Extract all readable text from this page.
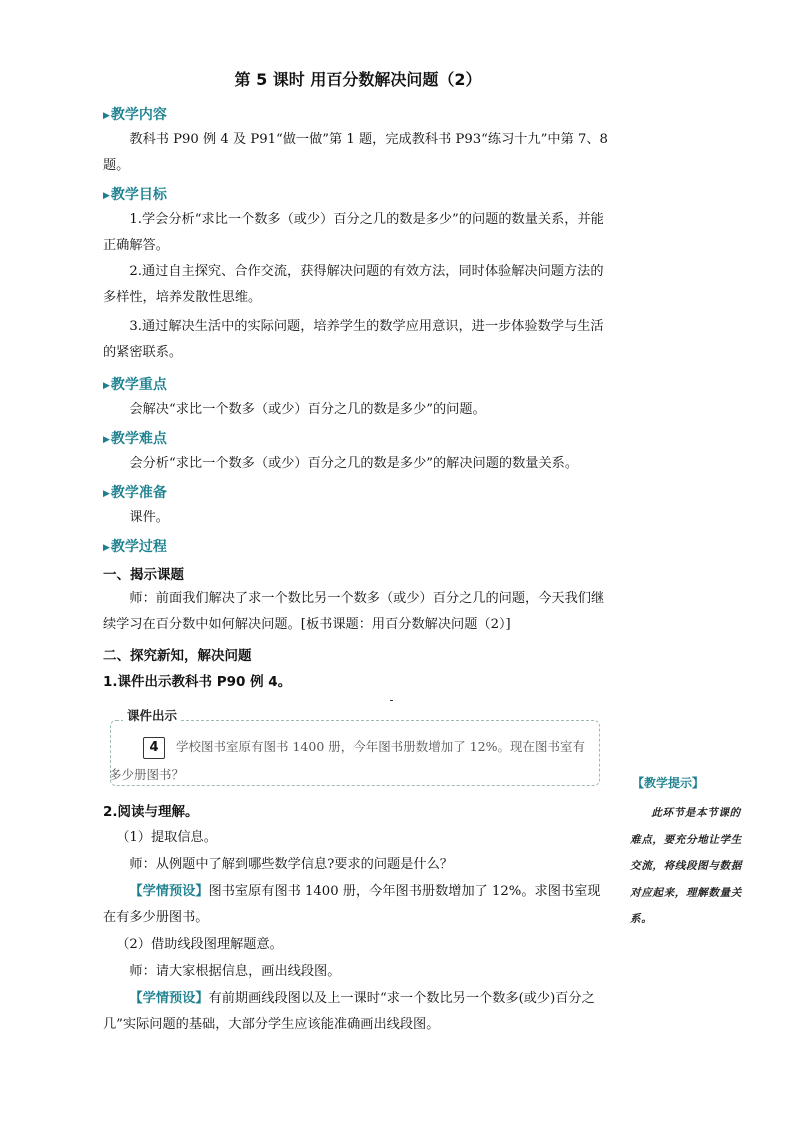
第 5 课时 用百分数解决问题（2）
▶教学内容
教科书 P90 例 4 及 P91“做一做”第 1 题，完成教科书 P93“练习十九”中第 7、8 题。
▶教学目标
1.学会分析“求比一个数多（或少）百分之几的数是多少”的问题的数量关系，并能正确解答。
2.通过自主探究、合作交流，获得解决问题的有效方法，同时体验解决问题方法的多样性，培养发散性思维。
3.通过解决生活中的实际问题，培养学生的数学应用意识，进一步体验数学与生活的紧密联系。
▶教学重点
会解决“求比一个数多（或少）百分之几的数是多少”的问题。
▶教学难点
会分析“求比一个数多（或少）百分之几的数是多少”的解决问题的数量关系。
▶教学准备
课件。
▶教学过程
一、揭示课题
师：前面我们解决了求一个数比另一个数多（或少）百分之几的问题，今天我们继续学习在百分数中如何解决问题。[板书课题：用百分数解决问题（2）]
二、探究新知，解决问题
1.课件出示教科书 P90 例 4。
课件出示
学校图书室原有图书 1400 册，今年图书册数增加了 12%。现在图书室有多少册图书？
4
2.阅读与理解。
（1）提取信息。
师：从例题中了解到哪些数学信息?要求的问题是什么？
【学情预设】图书室原有图书 1400 册，今年图书册数增加了 12%。求图书室现在有多少册图书。
（2）借助线段图理解题意。
师：请大家根据信息，画出线段图。
【学情预设】有前期画线段图以及上一课时“求一个数比另一个数多(或少)百分之几”实际问题的基础，大部分学生应该能准确画出线段图。
【教学提示】
此环节是本节课的难点，要充分地让学生交流，将线段图与数据对应起来，理解数量关系。
